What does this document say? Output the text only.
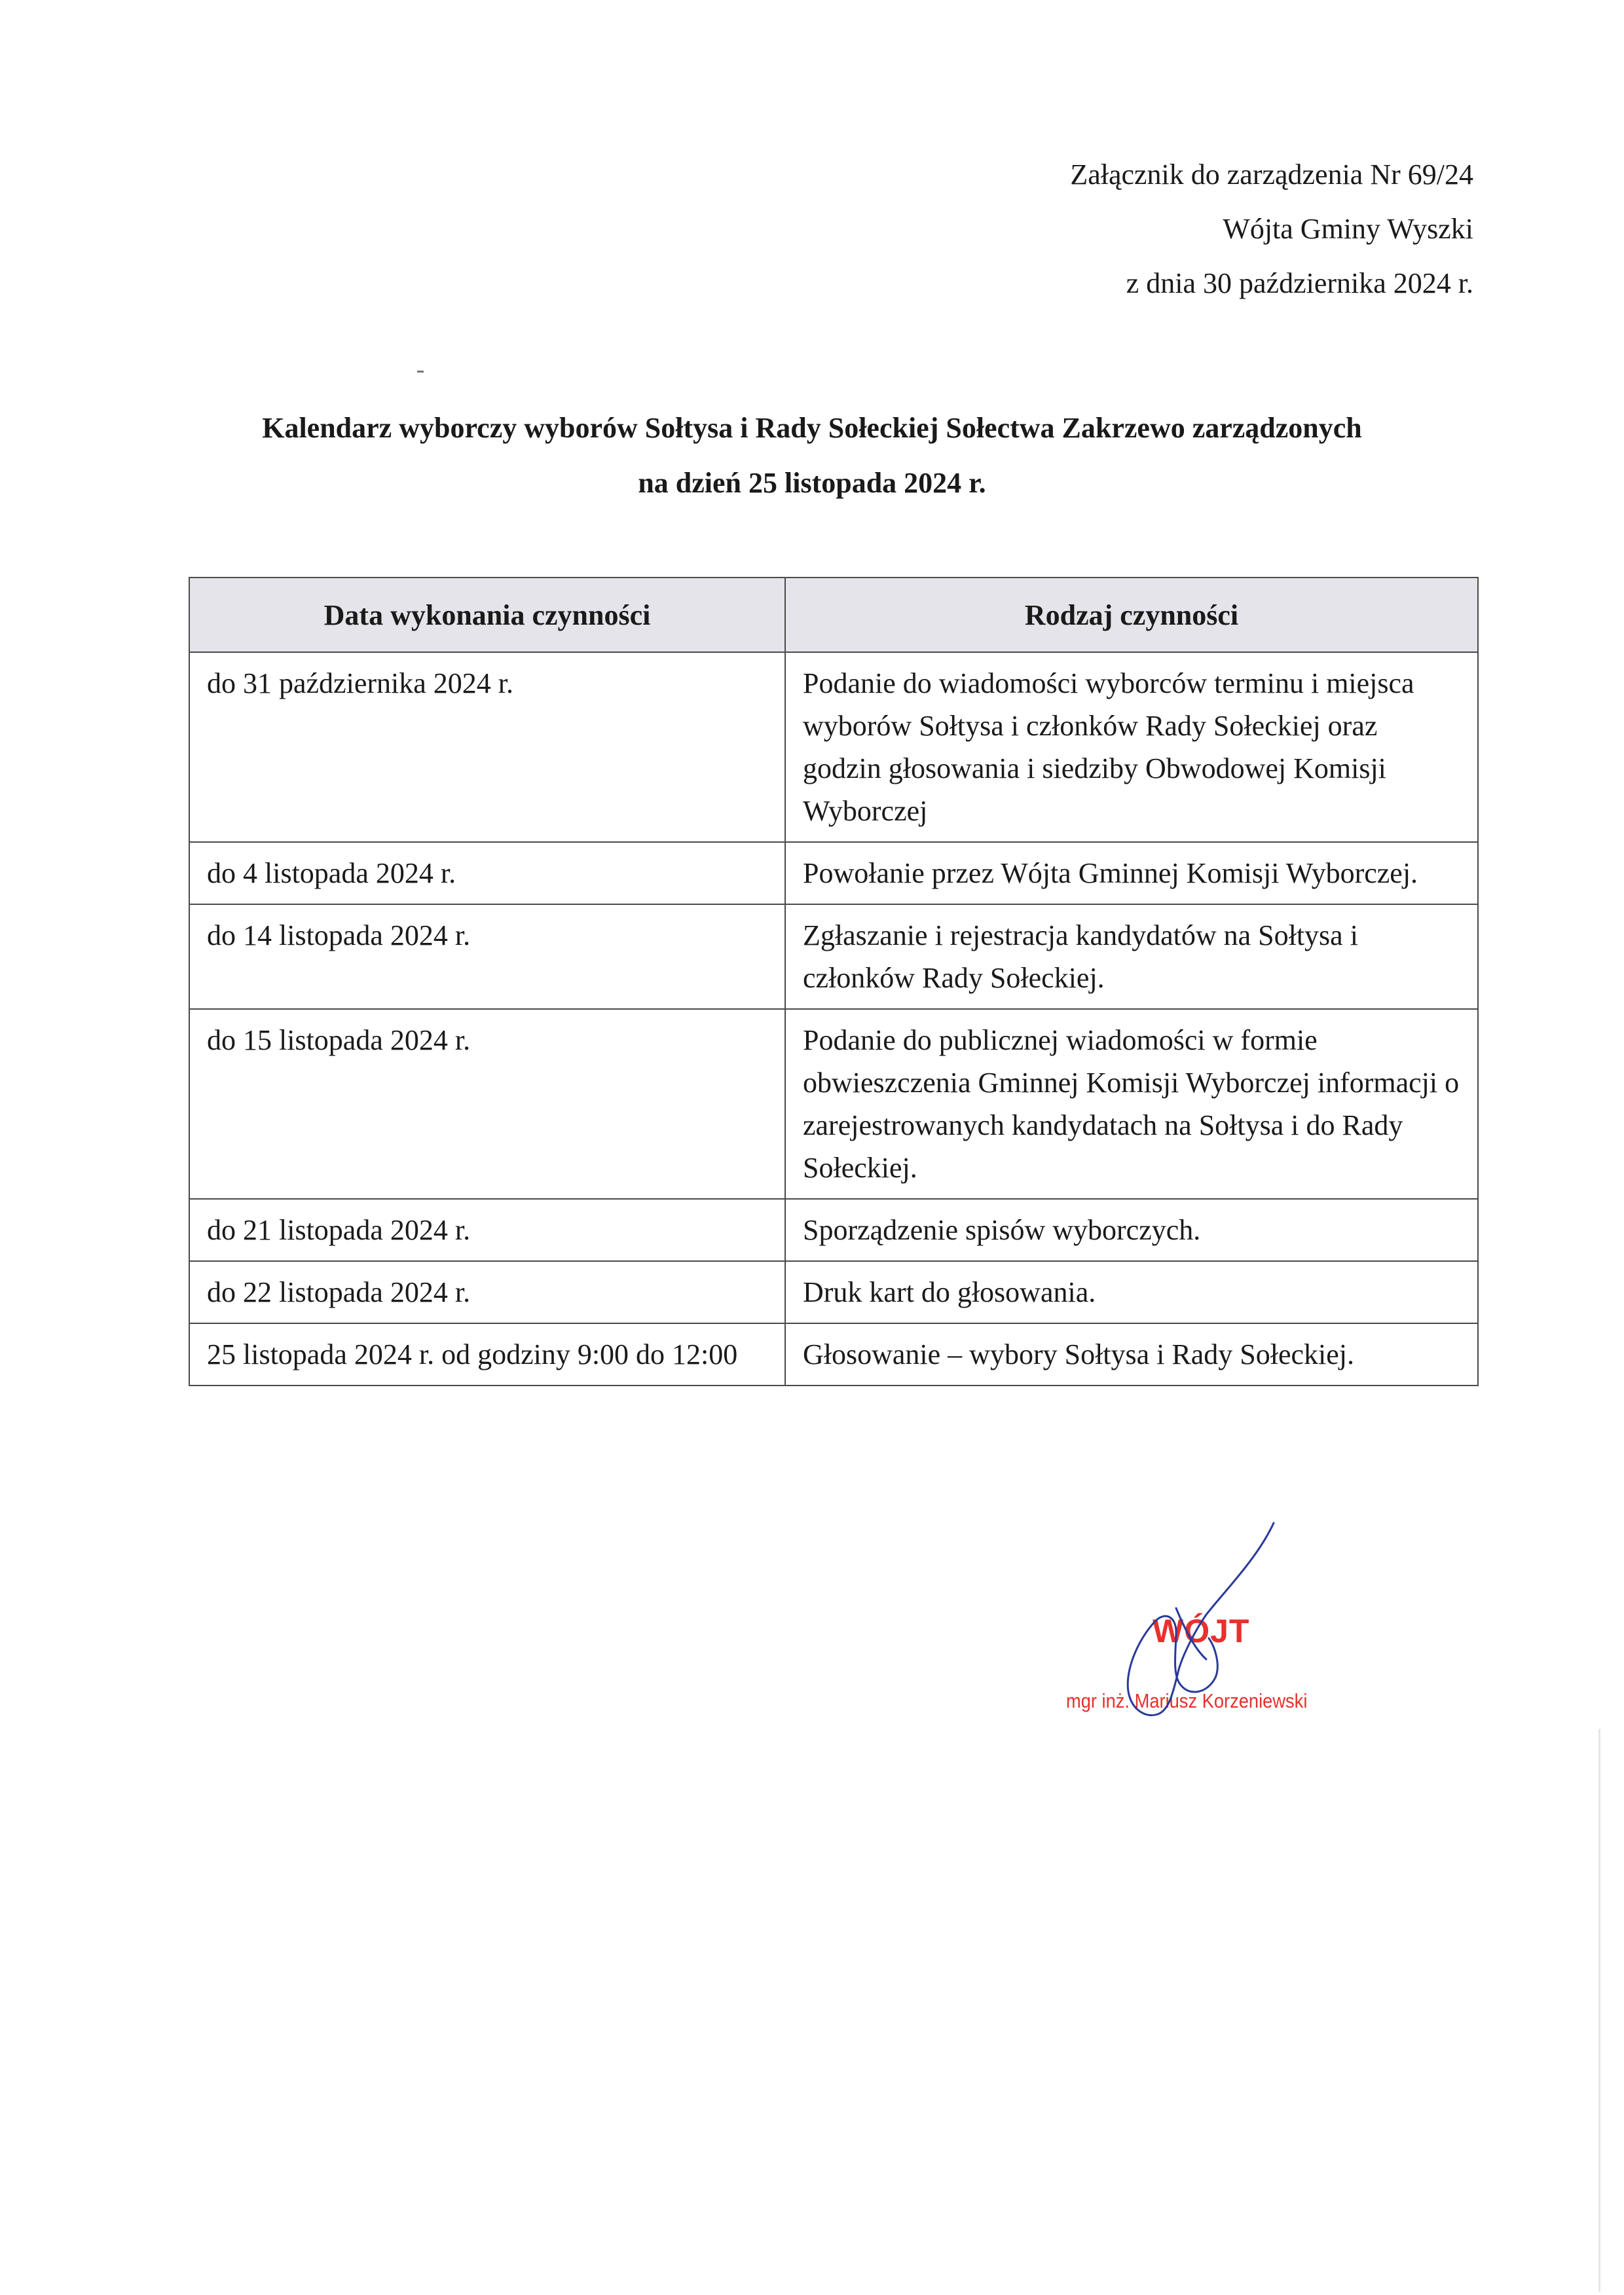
Załącznik do zarządzenia Nr 69/24
Wójta Gminy Wyszki
z dnia 30 października 2024 r.
Kalendarz wyborczy wyborów Sołtysa i Rady Sołeckiej Sołectwa Zakrzewo zarządzonych
na dzień 25 listopada 2024 r.
Data wykonania czynności	Rodzaj czynności
do 31 października 2024 r.	Podanie do wiadomości wyborców terminu i miejsca wyborów Sołtysa i członków Rady Sołeckiej oraz godzin głosowania i siedziby Obwodowej Komisji Wyborczej
do 4 listopada 2024 r.	Powołanie przez Wójta Gminnej Komisji Wyborczej.
do 14 listopada 2024 r.	Zgłaszanie i rejestracja kandydatów na Sołtysa i członków Rady Sołeckiej.
do 15 listopada 2024 r.	Podanie do publicznej wiadomości w formie obwieszczenia Gminnej Komisji Wyborczej informacji o zarejestrowanych kandydatach na Sołtysa i do Rady Sołeckiej.
do 21 listopada 2024 r.	Sporządzenie spisów wyborczych.
do 22 listopada 2024 r.	Druk kart do głosowania.
25 listopada 2024 r. od godziny 9:00 do 12:00	Głosowanie – wybory Sołtysa i Rady Sołeckiej.
WÓJT
mgr inż. Mariusz Korzeniewski
